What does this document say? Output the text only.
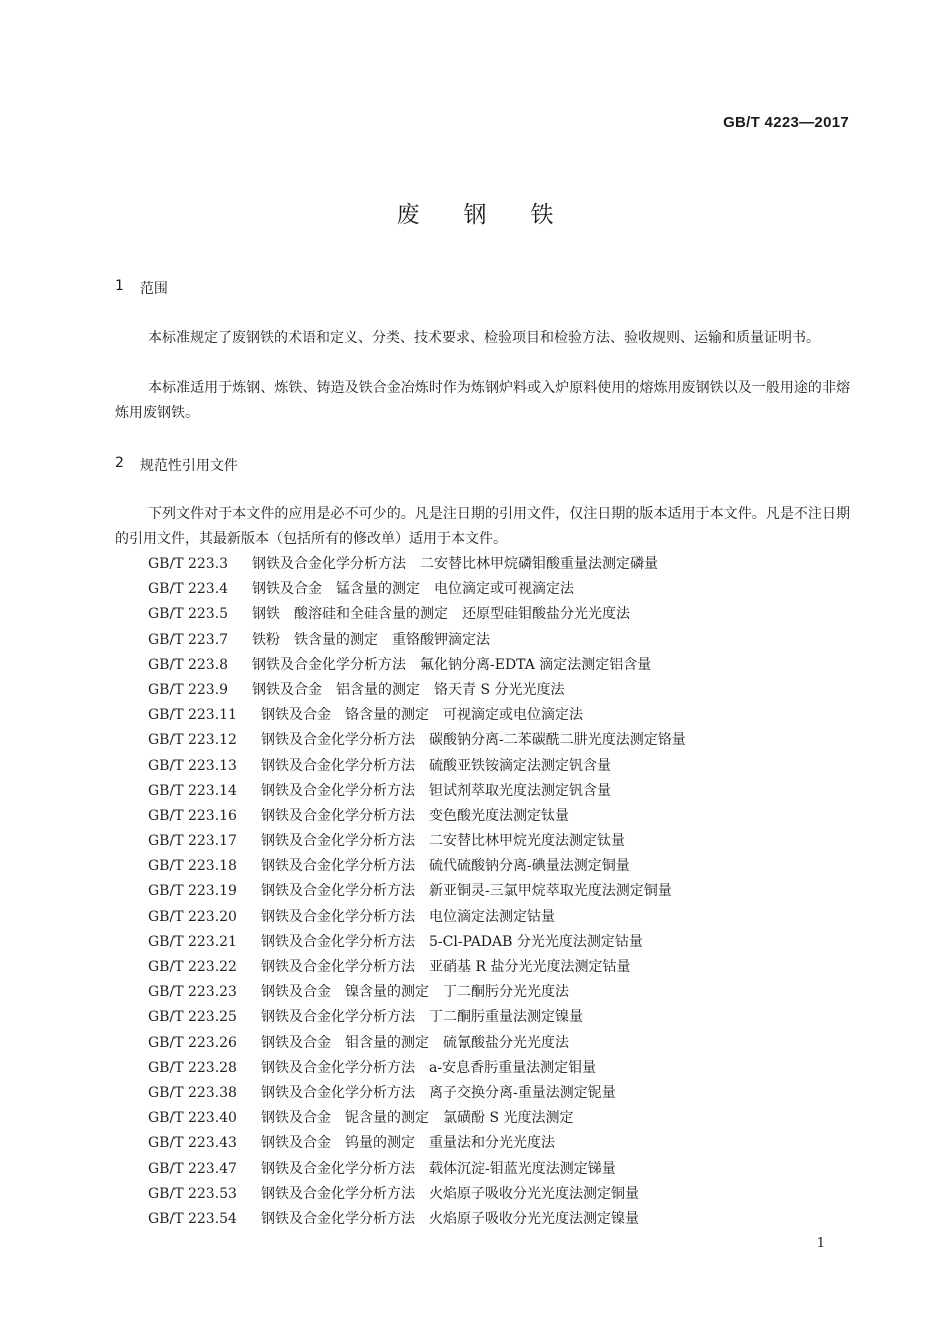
GB/T 4223—2017
废钢铁
1 范围

本标准规定了废钢铁的术语和定义、分类、技术要求、检验项目和检验方法、验收规则、运输和质量证明书。

本标准适用于炼钢、炼铁、铸造及铁合金冶炼时作为炼钢炉料或入炉原料使用的熔炼用废钢铁以及一般用途的非熔炼用废钢铁。

2 规范性引用文件

下列文件对于本文件的应用是必不可少的。凡是注日期的引用文件，仅注日期的版本适用于本文件。凡是不注日期的引用文件，其最新版本（包括所有的修改单）适用于本文件。

GB/T 223.3	钢铁及合金化学分析方法　二安替比林甲烷磷钼酸重量法测定磷量
GB/T 223.4	钢铁及合金　锰含量的测定　电位滴定或可视滴定法
GB/T 223.5	钢铁　酸溶硅和全硅含量的测定　还原型硅钼酸盐分光光度法
GB/T 223.7	铁粉　铁含量的测定　重铬酸钾滴定法
GB/T 223.8	钢铁及合金化学分析方法　氟化钠分离-EDTA 滴定法测定铝含量
GB/T 223.9	钢铁及合金　铝含量的测定　铬天青 S 分光光度法
GB/T 223.11	钢铁及合金　铬含量的测定　可视滴定或电位滴定法
GB/T 223.12	钢铁及合金化学分析方法　碳酸钠分离-二苯碳酰二肼光度法测定铬量
GB/T 223.13	钢铁及合金化学分析方法　硫酸亚铁铵滴定法测定钒含量
GB/T 223.14	钢铁及合金化学分析方法　钽试剂萃取光度法测定钒含量
GB/T 223.16	钢铁及合金化学分析方法　变色酸光度法测定钛量
GB/T 223.17	钢铁及合金化学分析方法　二安替比林甲烷光度法测定钛量
GB/T 223.18	钢铁及合金化学分析方法　硫代硫酸钠分离-碘量法测定铜量
GB/T 223.19	钢铁及合金化学分析方法　新亚铜灵-三氯甲烷萃取光度法测定铜量
GB/T 223.20	钢铁及合金化学分析方法　电位滴定法测定钴量
GB/T 223.21	钢铁及合金化学分析方法　5-Cl-PADAB 分光光度法测定钴量
GB/T 223.22	钢铁及合金化学分析方法　亚硝基 R 盐分光光度法测定钴量
GB/T 223.23	钢铁及合金　镍含量的测定　丁二酮肟分光光度法
GB/T 223.25	钢铁及合金化学分析方法　丁二酮肟重量法测定镍量
GB/T 223.26	钢铁及合金　钼含量的测定　硫氰酸盐分光光度法
GB/T 223.28	钢铁及合金化学分析方法　a-安息香肟重量法测定钼量
GB/T 223.38	钢铁及合金化学分析方法　离子交换分离-重量法测定铌量
GB/T 223.40	钢铁及合金　铌含量的测定　氯磺酚 S 光度法测定
GB/T 223.43	钢铁及合金　钨量的测定　重量法和分光光度法
GB/T 223.47	钢铁及合金化学分析方法　载体沉淀-钼蓝光度法测定锑量
GB/T 223.53	钢铁及合金化学分析方法　火焰原子吸收分光光度法测定铜量
GB/T 223.54	钢铁及合金化学分析方法　火焰原子吸收分光光度法测定镍量
1
